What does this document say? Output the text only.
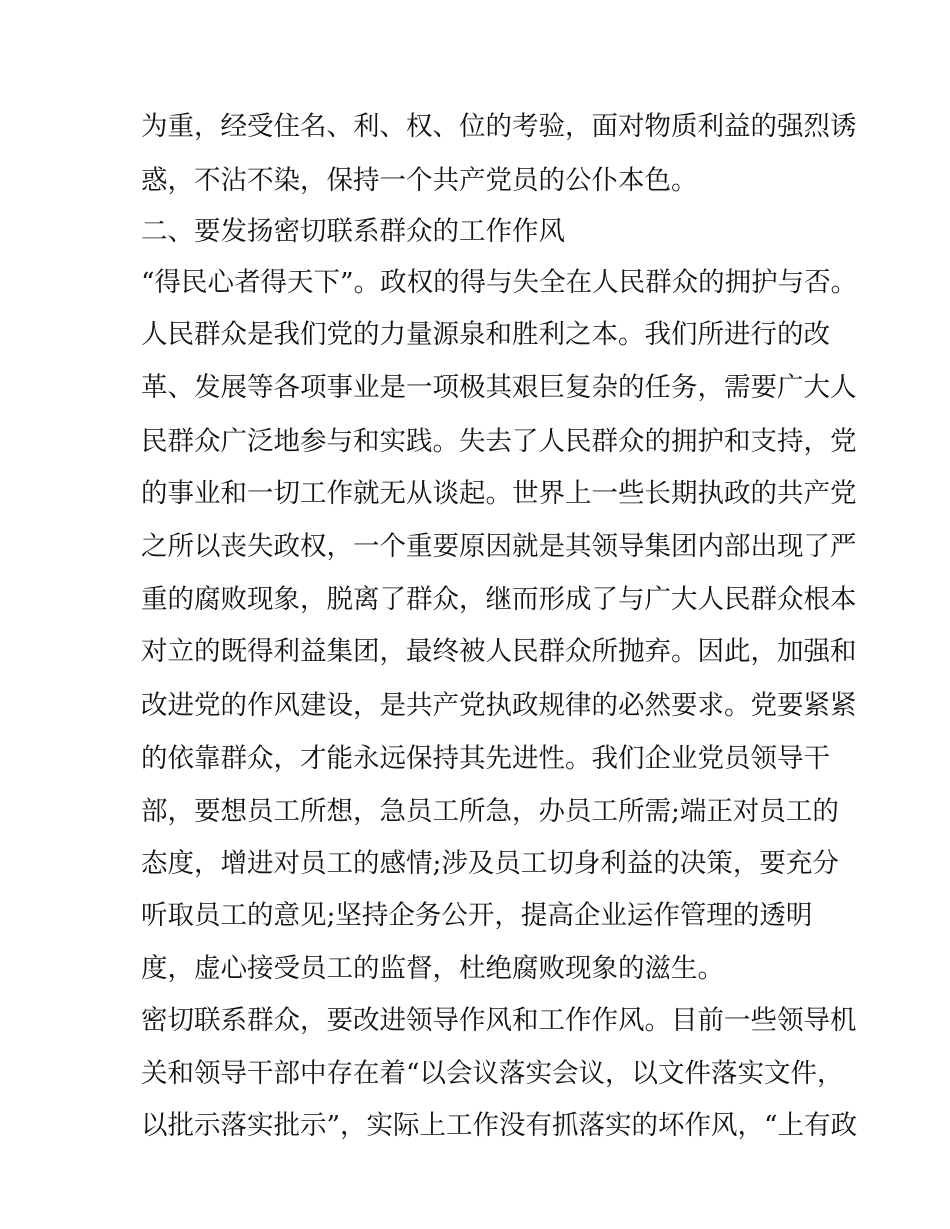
为重，经受住名、利、权、位的考验，面对物质利益的强烈诱
惑，不沾不染，保持一个共产党员的公仆本色。
二、要发扬密切联系群众的工作作风
“得民心者得天下”。政权的得与失全在人民群众的拥护与否。
人民群众是我们党的力量源泉和胜利之本。我们所进行的改
革、发展等各项事业是一项极其艰巨复杂的任务，需要广大人
民群众广泛地参与和实践。失去了人民群众的拥护和支持，党
的事业和一切工作就无从谈起。世界上一些长期执政的共产党
之所以丧失政权，一个重要原因就是其领导集团内部出现了严
重的腐败现象，脱离了群众，继而形成了与广大人民群众根本
对立的既得利益集团，最终被人民群众所抛弃。因此，加强和
改进党的作风建设，是共产党执政规律的必然要求。党要紧紧
的依靠群众，才能永远保持其先进性。我们企业党员领导干
部，要想员工所想，急员工所急，办员工所需;端正对员工的
态度，增进对员工的感情;涉及员工切身利益的决策，要充分
听取员工的意见;坚持企务公开，提高企业运作管理的透明
度，虚心接受员工的监督，杜绝腐败现象的滋生。
密切联系群众，要改进领导作风和工作作风。目前一些领导机
关和领导干部中存在着“以会议落实会议，以文件落实文件，
以批示落实批示”，实际上工作没有抓落实的坏作风，“上有政
